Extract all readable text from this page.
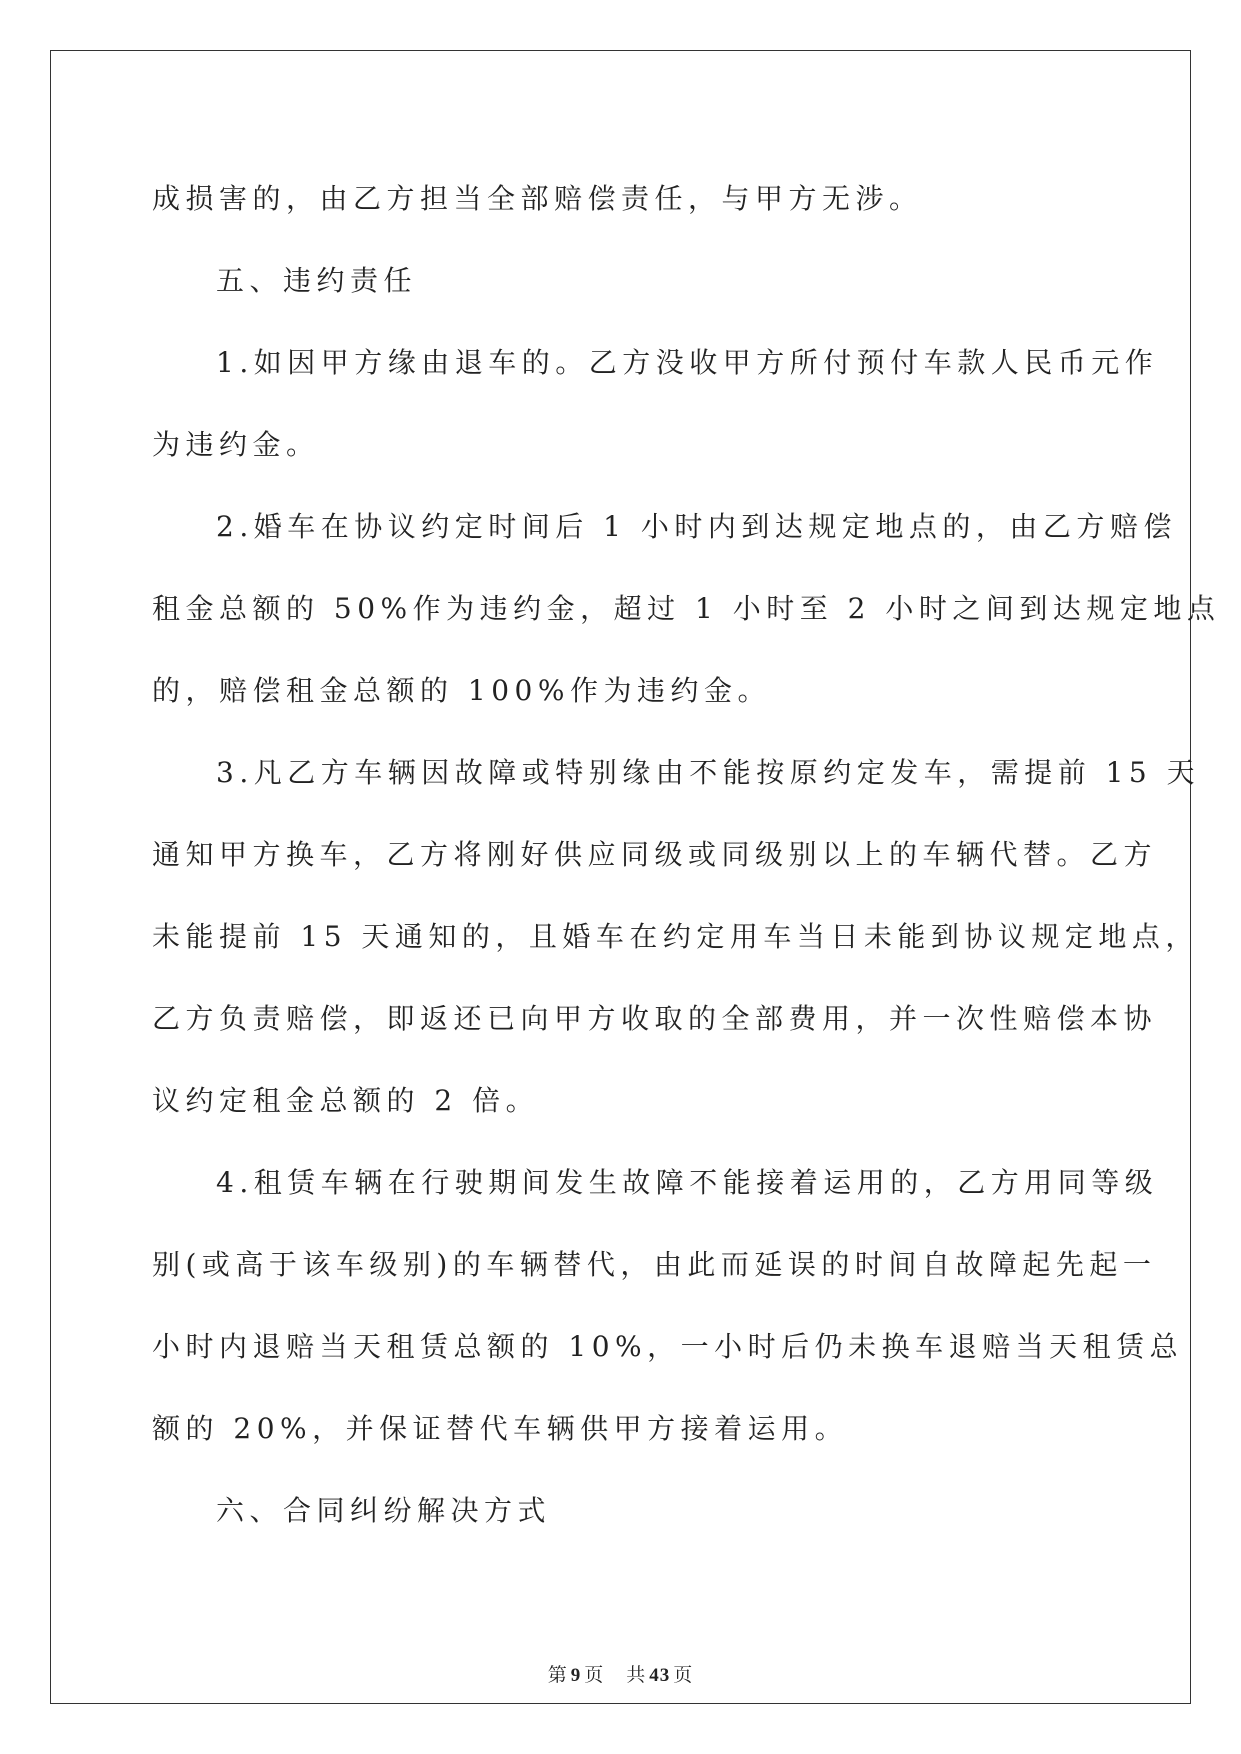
成损害的，由乙方担当全部赔偿责任，与甲方无涉。
五、违约责任
1.如因甲方缘由退车的。乙方没收甲方所付预付车款人民币元作
为违约金。
2.婚车在协议约定时间后 1 小时内到达规定地点的，由乙方赔偿
租金总额的 50%作为违约金，超过 1 小时至 2 小时之间到达规定地点
的，赔偿租金总额的 100%作为违约金。
3.凡乙方车辆因故障或特别缘由不能按原约定发车，需提前 15 天
通知甲方换车，乙方将刚好供应同级或同级别以上的车辆代替。乙方
未能提前 15 天通知的，且婚车在约定用车当日未能到协议规定地点，
乙方负责赔偿，即返还已向甲方收取的全部费用，并一次性赔偿本协
议约定租金总额的 2 倍。
4.租赁车辆在行驶期间发生故障不能接着运用的，乙方用同等级
别(或高于该车级别)的车辆替代，由此而延误的时间自故障起先起一
小时内退赔当天租赁总额的 10%，一小时后仍未换车退赔当天租赁总
额的 20%，并保证替代车辆供甲方接着运用。
六、合同纠纷解决方式
第 9 页 共 43 页
